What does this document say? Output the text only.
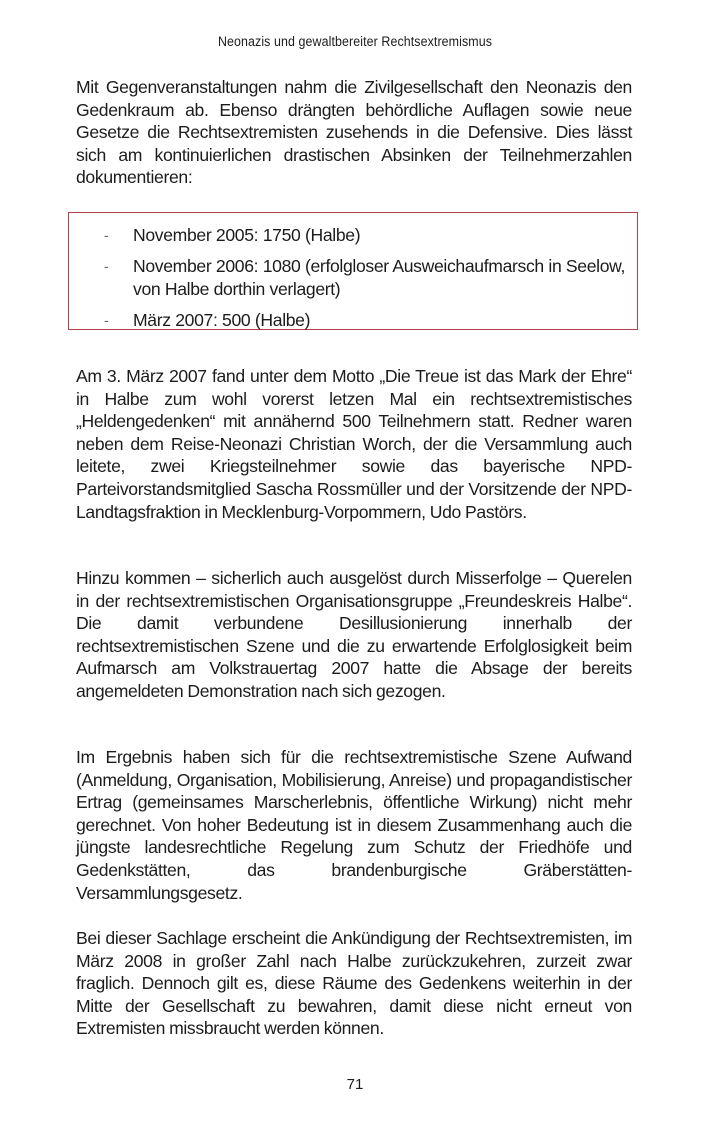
Neonazis und gewaltbereiter Rechtsextremismus

Mit Gegenveranstaltungen nahm die Zivilgesellschaft den Neonazis den Gedenkraum ab. Ebenso drängten behördliche Auflagen sowie neue Gesetze die Rechtsextremisten zusehends in die Defensive. Dies lässt sich am kontinuierlichen drastischen Absinken der Teilnehmerzahlen dokumentieren:

- November 2005: 1750 (Halbe)
- November 2006: 1080 (erfolgloser Ausweichaufmarsch in Seelow, von Halbe dorthin verlagert)
- März 2007: 500 (Halbe)

Am 3. März 2007 fand unter dem Motto „Die Treue ist das Mark der Ehre“ in Halbe zum wohl vorerst letzen Mal ein rechtsextremistisches „Heldengedenken“ mit annähernd 500 Teilnehmern statt. Redner waren neben dem Reise-Neonazi Christian Worch, der die Versammlung auch leitete, zwei Kriegsteilnehmer sowie das bayerische NPD-Parteivorstandsmitglied Sascha Rossmüller und der Vorsitzende der NPD-Landtagsfraktion in Mecklenburg-Vorpommern, Udo Pastörs.

Hinzu kommen – sicherlich auch ausgelöst durch Misserfolge – Querelen in der rechtsextremistischen Organisationsgruppe „Freundeskreis Halbe“. Die damit verbundene Desillusionierung innerhalb der rechtsextremistischen Szene und die zu erwartende Erfolglosigkeit beim Aufmarsch am Volkstrauertag 2007 hatte die Absage der bereits angemeldeten Demonstration nach sich gezogen.

Im Ergebnis haben sich für die rechtsextremistische Szene Aufwand (Anmeldung, Organisation, Mobilisierung, Anreise) und propagandistischer Ertrag (gemeinsames Marscherlebnis, öffentliche Wirkung) nicht mehr gerechnet. Von hoher Bedeutung ist in diesem Zusammenhang auch die jüngste landesrechtliche Regelung zum Schutz der Friedhöfe und Gedenkstätten, das brandenburgische Gräberstätten-Versammlungsgesetz.

Bei dieser Sachlage erscheint die Ankündigung der Rechtsextremisten, im März 2008 in großer Zahl nach Halbe zurückzukehren, zurzeit zwar fraglich. Dennoch gilt es, diese Räume des Gedenkens weiterhin in der Mitte der Gesellschaft zu bewahren, damit diese nicht erneut von Extremisten missbraucht werden können.

71
